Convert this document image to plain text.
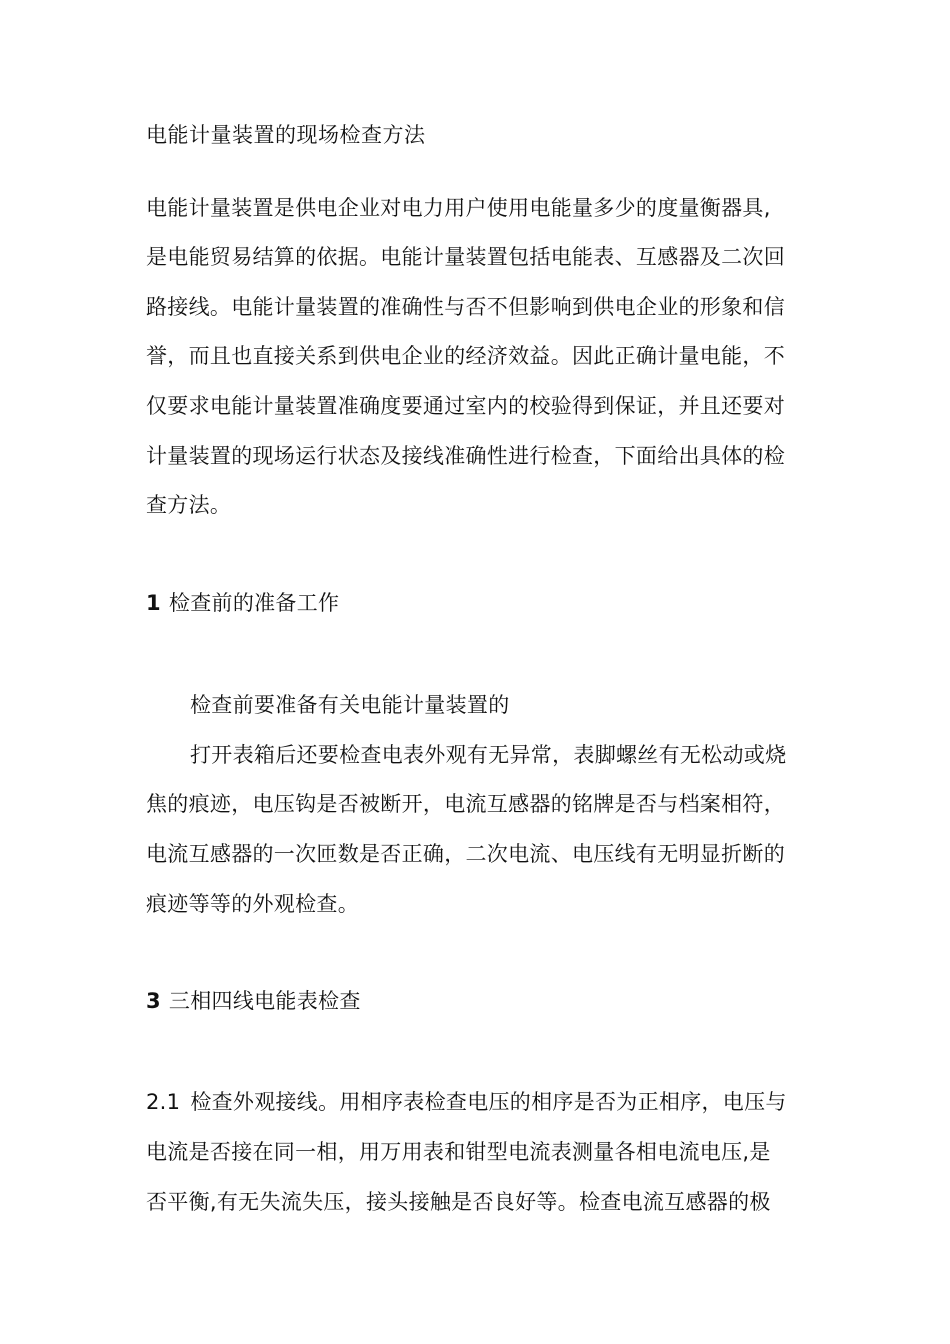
电能计量装置的现场检查方法
电能计量装置是供电企业对电力用户使用电能量多少的度量衡器具,
是电能贸易结算的依据。电能计量装置包括电能表、互感器及二次回
路接线。电能计量装置的准确性与否不但影响到供电企业的形象和信
誉，而且也直接关系到供电企业的经济效益。因此正确计量电能，不
仅要求电能计量装置准确度要通过室内的校验得到保证，并且还要对
计量装置的现场运行状态及接线准确性进行检查，下面给出具体的检
查方法。
1 检查前的准备工作
检查前要准备有关电能计量装置的
打开表箱后还要检查电表外观有无异常，表脚螺丝有无松动或烧
焦的痕迹，电压钩是否被断开，电流互感器的铭牌是否与档案相符，
电流互感器的一次匝数是否正确，二次电流、电压线有无明显折断的
痕迹等等的外观检查。
3 三相四线电能表检查
2.1 检查外观接线。用相序表检查电压的相序是否为正相序，电压与
电流是否接在同一相，用万用表和钳型电流表测量各相电流电压,是
否平衡,有无失流失压，接头接触是否良好等。检查电流互感器的极
